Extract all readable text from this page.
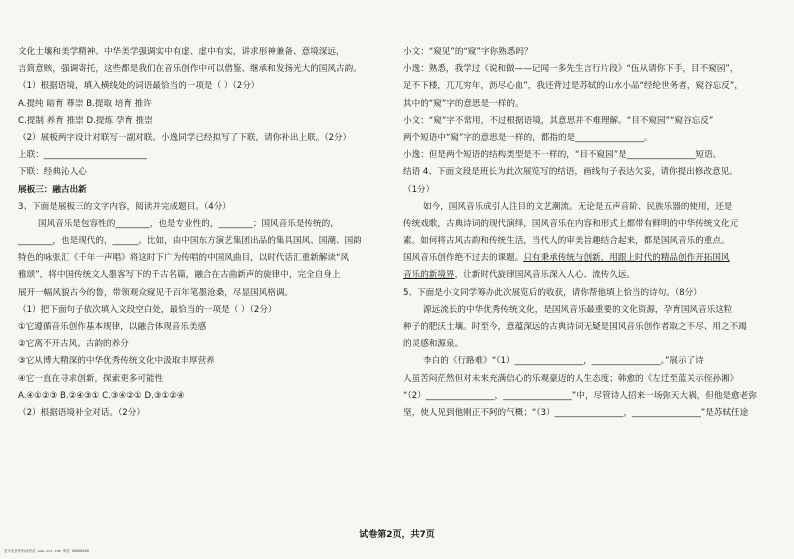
文化土壤和美学精神。中华美学强调实中有虚、虚中有实，讲求形神兼备、意境深远，
言简意赅，强调寄托，这些都是我们在音乐创作中可以借鉴、继承和发扬光大的国风古韵。
（1）根据语境，填入横线处的词语最恰当的一项是（ ）（2分）
A.提纯 暗育 尊崇 B.提取 培育 推许
C.提制 养育 推崇 D.提炼 孕育 推崇
（2）展板两字设计对联写一副对联。小逸同学已经拟写了下联，请你补出上联。（2分）
上联：________________________
下联：经典沁人心
展板三：融古出新
3、下面是展板三的文字内容，阅读并完成题目。（4分）
国风音乐是包容性的________，也是专业性的，________；国风音乐是传统的，
________，也是现代的，______。比如，由中国东方演艺集团出品的集具国风、国潮、国韵
特色的咏张汇《千年一声唱》将这时下广为传唱的中国风曲目，以时代话汇重新解读“风
雅颂”，将中国传统文人墨客写下的千古名篇，融合在古曲新声的旋律中，完全自身上
展开一幅风貌古今的鲁，带领观众窥见千百年笔墨沧桑，尽显国风格调。
（1）把下面句子依次填入文段空白处，最恰当的一项是（ ）（2分）
①它遵循音乐创作基本规律，以融合体现音乐美感
②它离不开古风、古韵的养分
③它从博大精深的中华优秀传统文化中汲取丰厚营养
④它一直在寻求创新，探索更多可能性
A.④①②③ B.②④③① C.③④②① D.③①②④
（2）根据语境补全对话。（2分）
小文：“窥见”的“窥”字你熟悉吗？
小逸：熟悉，我学过《说和做——记闻一多先生言行片段》“伍从请你下手，目不窥园”，
足不下楼，兀兀穷年，沥尽心血”，我还背过是苏轼的山水小品“经纶世务者，窥谷忘反”，
其中的“窥”字的意思是一样的。
小文：“窥”字不常用，不过根据语境，其意思并不难理解。“目不窥园”“窥谷忘反”
两个短语中“窥”字的意思是一样的，都指的是________________。
小逸：但是两个短语的结构类型是不一样的，“目不窥园”是________________短语。
结语 4、下面文段是班长为此次展览写的结语，画线句子表达欠妥，请你提出修改意见。
（1分）
如今，国风音乐成引人注目的文艺潮流。无论是五声音阶、民族乐器的使用，还是
传统戏歌，古典诗词的现代演绎，国风音乐在内容和形式上都带有鲜明的中华传统文化元
素。如何将古风古韵和传统生活，当代人的审美旨趣结合起来，都是国风音乐的重点。
国风音乐创作绝不过去的课题。只有秉承传统与创新，用跟上时代的精品创作开拓国风
音乐的新境界，让新时代旋律国风音乐深入人心、流传久远。
5、下面是小文同学筹办此次展览后的收获，请你帮他填上恰当的诗句。（8分）
源远流长的中华优秀传统文化，是国风音乐最重要的文化资源，孕育国风音乐这粒
种子的肥沃土壤。时至今，意蕴深远的古典诗词无疑是国风音乐创作者取之不尽、用之不竭
的灵感和源泉。
李白的《行路难》“（1）________________，________________。”展示了诗
人虽苦闷茫然但对未来充满信心的乐观豪迈的人生态度；韩愈的《左迁至蓝关示侄孙湘》
“（2）________________，________________”中，尽管诗人招来一场弥天大祸，但他是愈老弥
坚，使人见到他刚正不阿的气概；“（3）________________，________________”是苏轼任途
试卷第2页，共7页
更多优质资料请登录 www.xxx.com 微信 88888888
